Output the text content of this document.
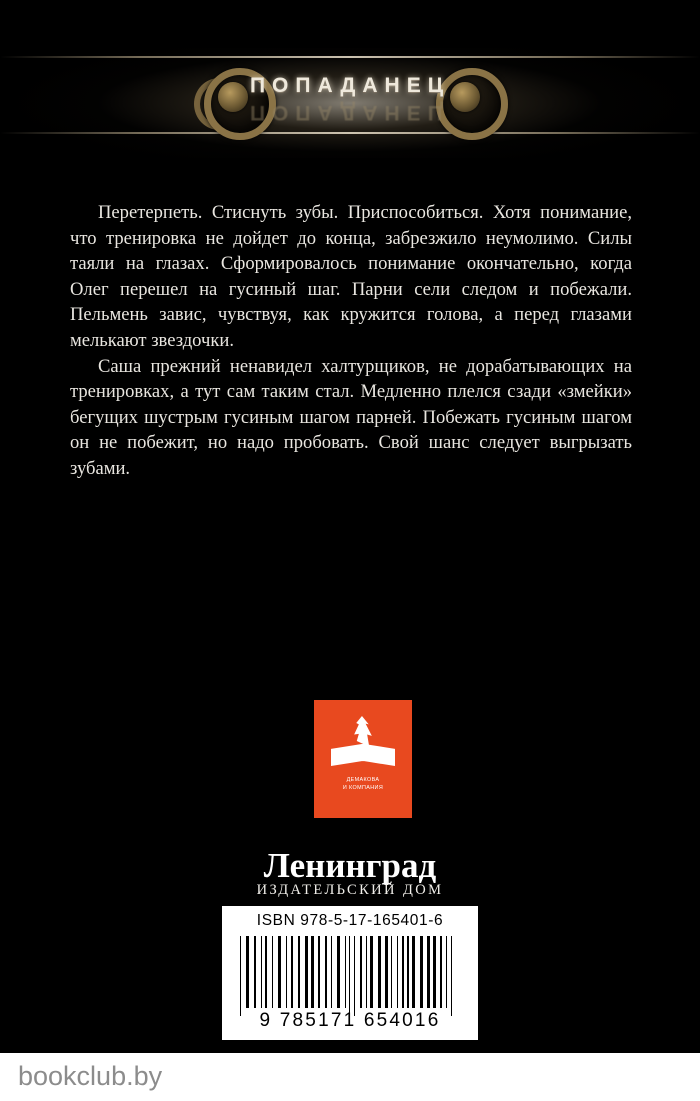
ПОПАДАНЕЦ
ПОПАДАНЕЦ

Перетерпеть. Стиснуть зубы. Приспособиться. Хотя понимание, что тренировка не дойдет до конца, забрезжило неумолимо. Силы таяли на глазах. Сформировалось понимание окончательно, когда Олег перешел на гусиный шаг. Парни сели следом и побежали. Пельмень завис, чувствуя, как кружится голова, а перед глазами мелькают звездочки.

Саша прежний ненавидел халтурщиков, не дорабатывающих на тренировках, а тут сам таким стал. Медленно плелся сзади «змейки» бегущих шустрым гусиным шагом парней. Побежать гусиным шагом он не побежит, но надо пробовать. Свой шанс следует выгрызать зубами.

ДЕМАКОВА
И КОМПАНИЯ
Ленинград
ИЗДАТЕЛЬСКИЙ ДОМ
ISBN 978-5-17-165401-6
9 785171 654016
bookclub.by
